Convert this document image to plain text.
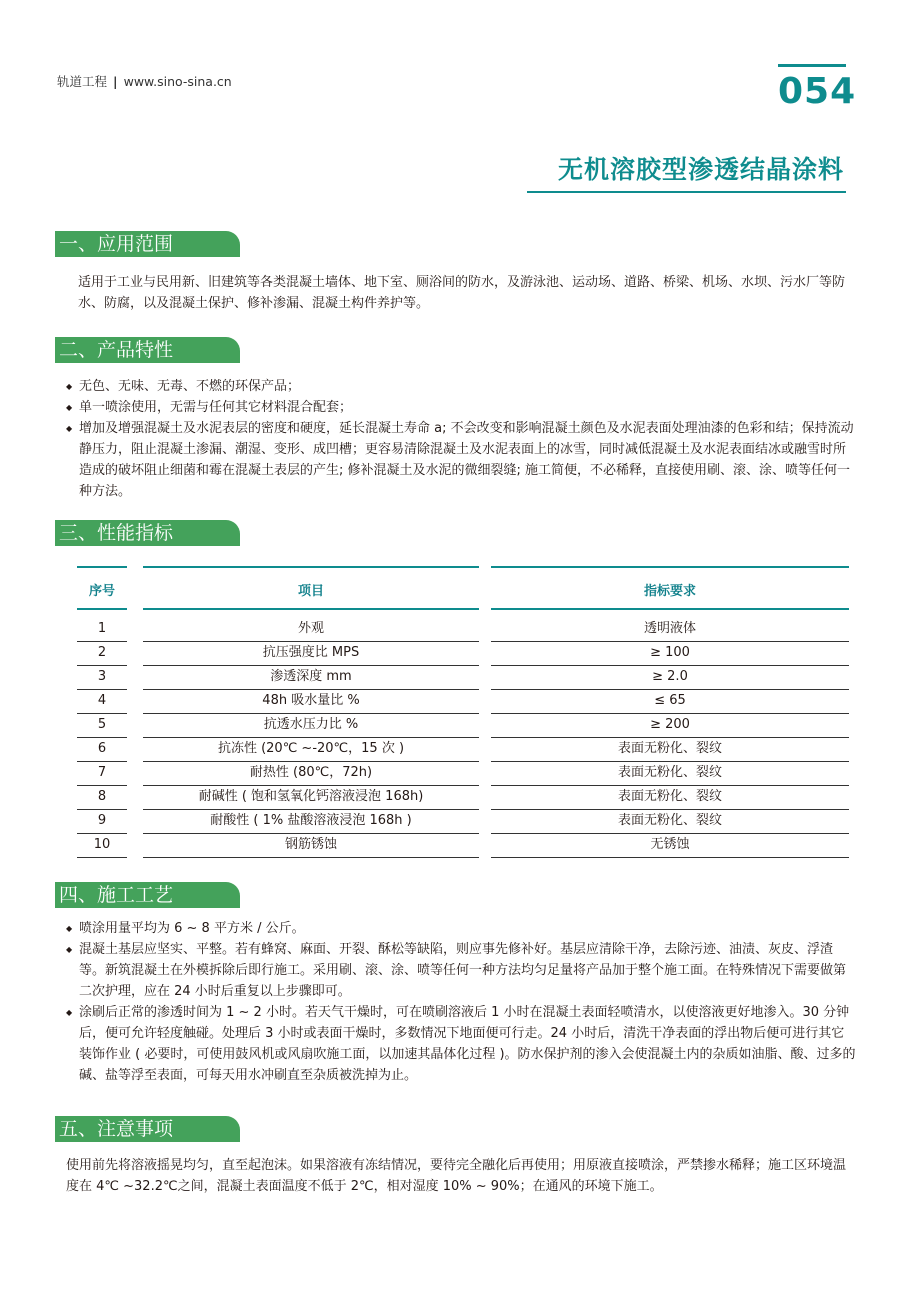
轨道工程 | www.sino-sina.cn	054
无机溶胶型渗透结晶涂料
一、应用范围
适用于工业与民用新、旧建筑等各类混凝土墙体、地下室、厕浴间的防水，及游泳池、运动场、道路、桥梁、机场、水坝、污水厂等防水、防腐，以及混凝土保护、修补渗漏、混凝土构件养护等。
二、产品特性
◆ 无色、无味、无毒、不燃的环保产品；
◆ 单一喷涂使用，无需与任何其它材料混合配套；
◆ 增加及增强混凝土及水泥表层的密度和硬度，延长混凝土寿命 a; 不会改变和影响混凝土颜色及水泥表面处理油漆的色彩和结；保持流动静压力，阻止混凝土渗漏、潮湿、变形、成凹槽；更容易清除混凝土及水泥表面上的冰雪，同时减低混凝土及水泥表面结冰或融雪时所造成的破坏阻止细菌和霉在混凝土表层的产生; 修补混凝土及水泥的微细裂缝; 施工简便，不必稀释，直接使用刷、滚、涂、喷等任何一种方法。
三、性能指标
序号	项目	指标要求
1	外观	透明液体
2	抗压强度比 MPS	≥ 100
3	渗透深度 mm	≥ 2.0
4	48h 吸水量比 %	≤ 65
5	抗透水压力比 %	≥ 200
6	抗冻性 (20℃ ~-20℃，15 次 )	表面无粉化、裂纹
7	耐热性 (80℃，72h)	表面无粉化、裂纹
8	耐碱性 ( 饱和氢氧化钙溶液浸泡 168h)	表面无粉化、裂纹
9	耐酸性 ( 1% 盐酸溶液浸泡 168h )	表面无粉化、裂纹
10	钢筋锈蚀	无锈蚀
四、施工工艺
◆ 喷涂用量平均为 6 ~ 8 平方米 / 公斤。
◆ 混凝土基层应坚实、平整。若有蜂窝、麻面、开裂、酥松等缺陷，则应事先修补好。基层应清除干净，去除污迹、油渍、灰皮、浮渣等。新筑混凝土在外模拆除后即行施工。采用刷、滚、涂、喷等任何一种方法均匀足量将产品加于整个施工面。在特殊情况下需要做第二次护理，应在 24 小时后重复以上步骤即可。
◆ 涂刷后正常的渗透时间为 1 ~ 2 小时。若天气干燥时，可在喷刷溶液后 1 小时在混凝土表面轻喷清水，以使溶液更好地渗入。30 分钟后，便可允许轻度触碰。处理后 3 小时或表面干燥时，多数情况下地面便可行走。24 小时后，清洗干净表面的浮出物后便可进行其它装饰作业 ( 必要时，可使用鼓风机或风扇吹施工面，以加速其晶体化过程 )。防水保护剂的渗入会使混凝土内的杂质如油脂、酸、过多的碱、盐等浮至表面，可每天用水冲刷直至杂质被洗掉为止。
五、注意事项
使用前先将溶液摇晃均匀，直至起泡沫。如果溶液有冻结情况，要待完全融化后再使用；用原液直接喷涂，严禁掺水稀释；施工区环境温度在 4℃ ~32.2℃之间，混凝土表面温度不低于 2℃，相对湿度 10% ~ 90%；在通风的环境下施工。
